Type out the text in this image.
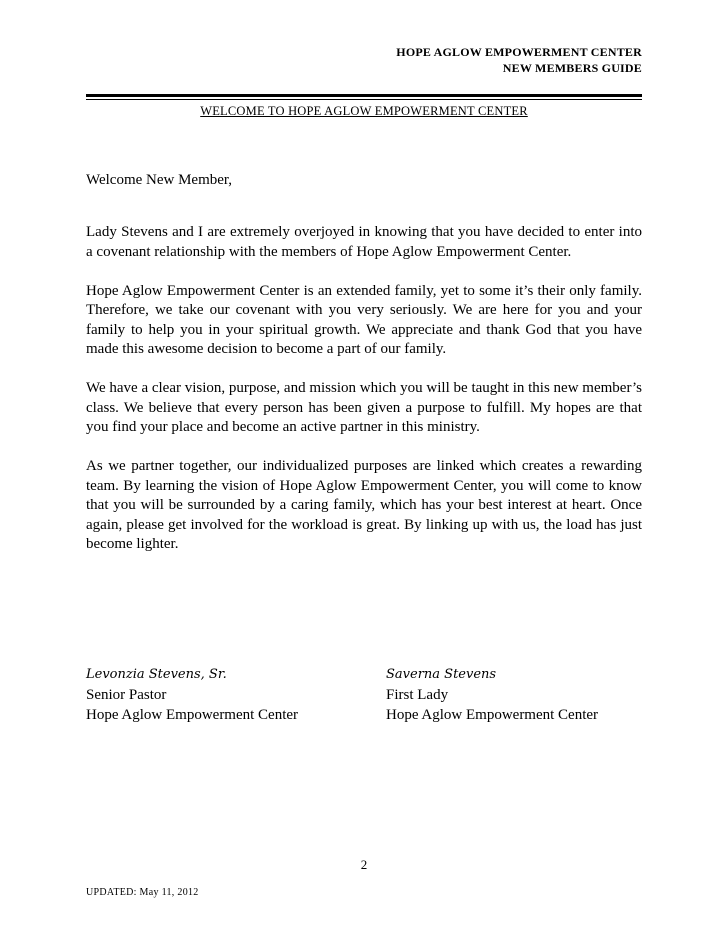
HOPE AGLOW EMPOWERMENT CENTER
NEW MEMBERS GUIDE
WELCOME TO HOPE AGLOW EMPOWERMENT CENTER
Welcome New Member,

Lady Stevens and I are extremely overjoyed in knowing that you have decided to enter into a covenant relationship with the members of Hope Aglow Empowerment Center.

Hope Aglow Empowerment Center is an extended family, yet to some it’s their only family. Therefore, we take our covenant with you very seriously. We are here for you and your family to help you in your spiritual growth. We appreciate and thank God that you have made this awesome decision to become a part of our family.

We have a clear vision, purpose, and mission which you will be taught in this new member’s class. We believe that every person has been given a purpose to fulfill. My hopes are that you find your place and become an active partner in this ministry.

As we partner together, our individualized purposes are linked which creates a rewarding team. By learning the vision of Hope Aglow Empowerment Center, you will come to know that you will be surrounded by a caring family, which has your best interest at heart. Once again, please get involved for the workload is great. By linking up with us, the load has just become lighter.

Levonzia Stevens, Sr.
Senior Pastor
Hope Aglow Empowerment Center
Saverna Stevens
First Lady
Hope Aglow Empowerment Center
2
UPDATED: May 11, 2012
